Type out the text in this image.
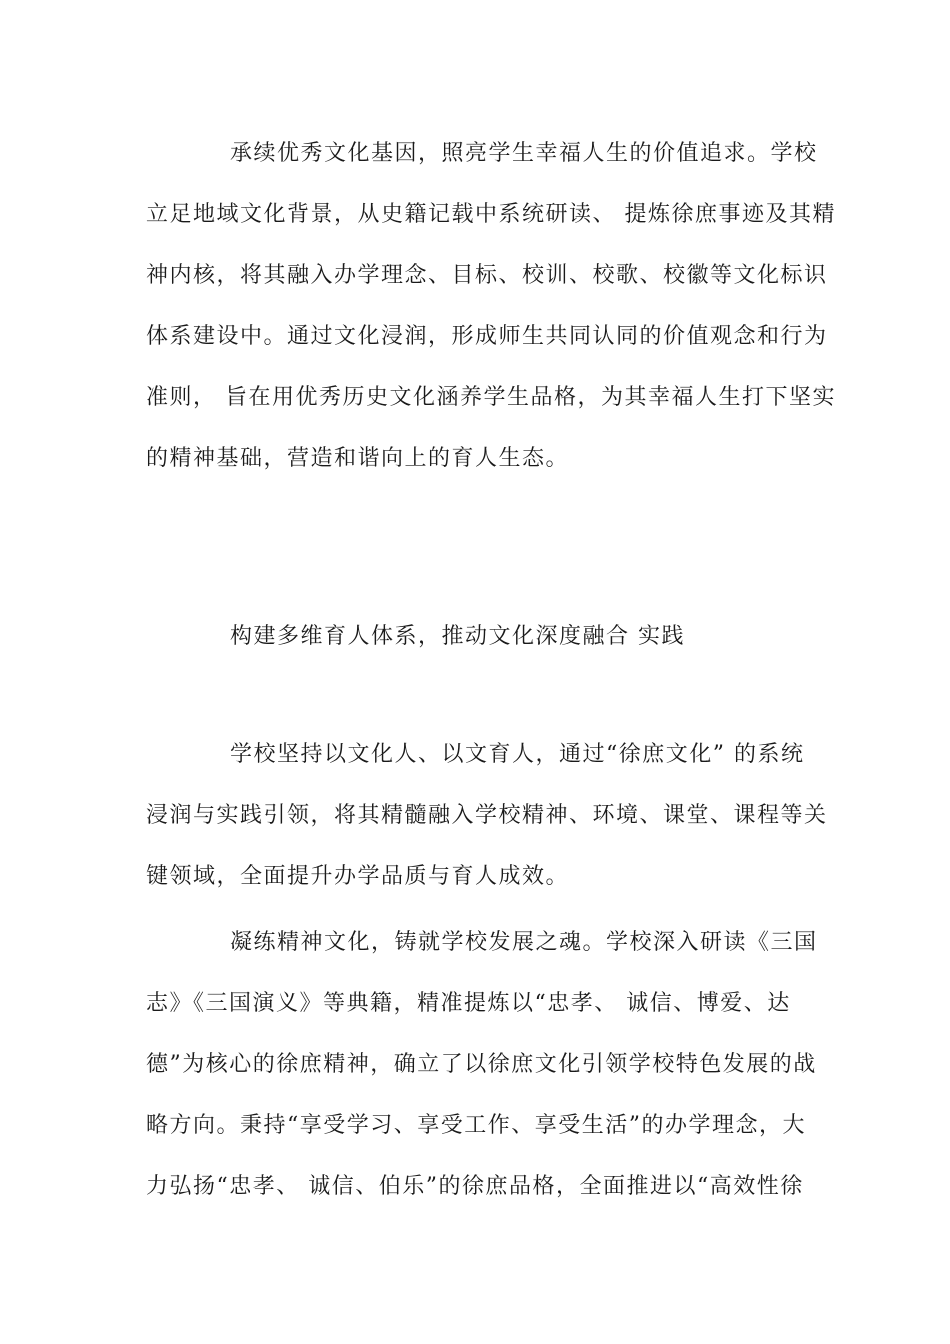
承续优秀文化基因，照亮学生幸福人生的价值追求。学校
立足地域文化背景，从史籍记载中系统研读、 提炼徐庶事迹及其精
神内核，将其融入办学理念、目标、校训、校歌、校徽等文化标识
体系建设中。通过文化浸润，形成师生共同认同的价值观念和行为
准则， 旨在用优秀历史文化涵养学生品格，为其幸福人生打下坚实
的精神基础，营造和谐向上的育人生态。
构建多维育人体系，推动文化深度融合 实践
学校坚持以文化人、以文育人，通过“徐庶文化” 的系统
浸润与实践引领，将其精髓融入学校精神、环境、课堂、课程等关
键领域，全面提升办学品质与育人成效。
凝练精神文化，铸就学校发展之魂。学校深入研读《三国
志》《三国演义》等典籍，精准提炼以“忠孝、 诚信、博爱、达
德”为核心的徐庶精神，确立了以徐庶文化引领学校特色发展的战
略方向。秉持“享受学习、享受工作、享受生活”的办学理念，大
力弘扬“忠孝、 诚信、伯乐”的徐庶品格，全面推进以“高效性徐
